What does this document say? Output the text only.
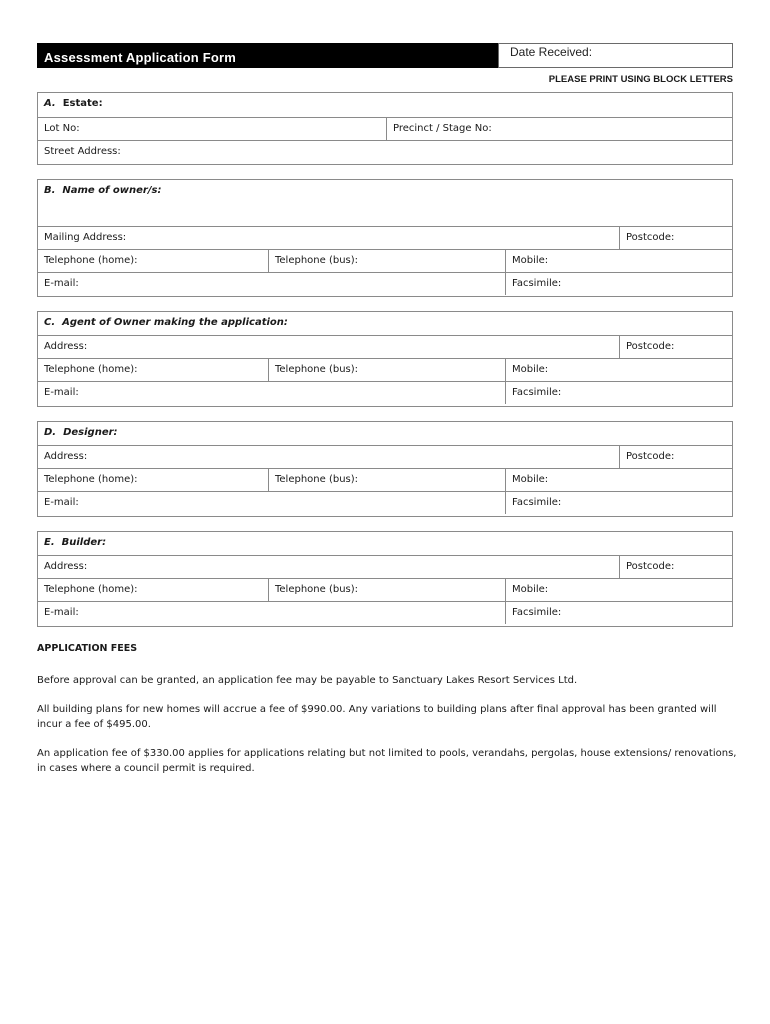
Assessment Application Form	Date Received:
PLEASE PRINT USING BLOCK LETTERS
A. Estate:
Lot No:	Precinct / Stage No:
Street Address:
B. Name of owner/s:
Mailing Address:	Postcode:
Telephone (home):	Telephone (bus):	Mobile:
E-mail:	Facsimile:
C. Agent of Owner making the application:
Address:	Postcode:
Telephone (home):	Telephone (bus):	Mobile:
E-mail:	Facsimile:
D. Designer:
Address:	Postcode:
Telephone (home):	Telephone (bus):	Mobile:
E-mail:	Facsimile:
E. Builder:
Address:	Postcode:
Telephone (home):	Telephone (bus):	Mobile:
E-mail:	Facsimile:
APPLICATION FEES
Before approval can be granted, an application fee may be payable to Sanctuary Lakes Resort Services Ltd.
All building plans for new homes will accrue a fee of $990.00. Any variations to building plans after final approval has been granted will incur a fee of $495.00.
An application fee of $330.00 applies for applications relating but not limited to pools, verandahs, pergolas, house extensions/ renovations, in cases where a council permit is required.
